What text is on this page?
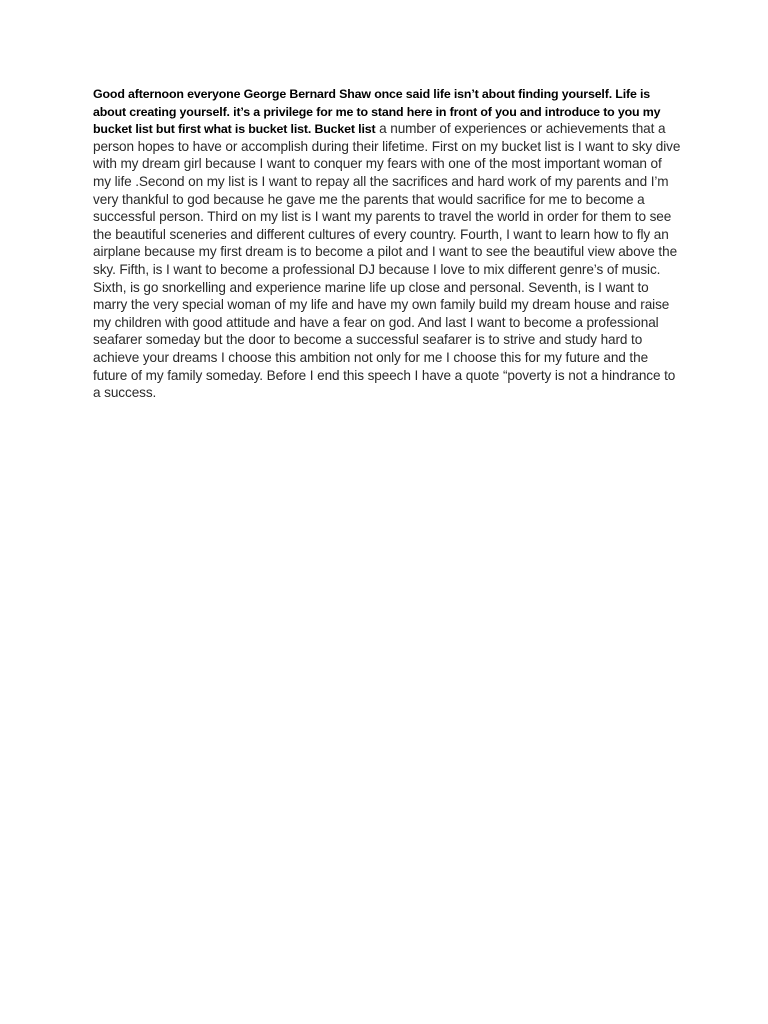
Good afternoon everyone George Bernard Shaw once said life isn’t about finding yourself. Life is about creating yourself. it’s a privilege for me to stand here in front of you and introduce to you my bucket list but first what is bucket list. Bucket list a number of experiences or achievements that a person hopes to have or accomplish during their lifetime. First on my bucket list is I want to sky dive with my dream girl because I want to conquer my fears with one of the most important woman of my life .Second on my list is I want to repay all the sacrifices and hard work of my parents and I’m very thankful to god because he gave me the parents that would sacrifice for me to become a successful person. Third on my list is I want my parents to travel the world in order for them to see the beautiful sceneries and different cultures of every country. Fourth, I want to learn how to fly an airplane because my first dream is to become a pilot and I want to see the beautiful view above the sky. Fifth, is I want to become a professional DJ because I love to mix different genre’s of music. Sixth, is go snorkelling and experience marine life up close and personal. Seventh, is I want to marry the very special woman of my life and have my own family build my dream house and raise my children with good attitude and have a fear on god. And last I want to become a professional seafarer someday but the door to become a successful seafarer is to strive and study hard to achieve your dreams I choose this ambition not only for me I choose this for my future and the future of my family someday. Before I end this speech I have a quote “poverty is not a hindrance to a success.
